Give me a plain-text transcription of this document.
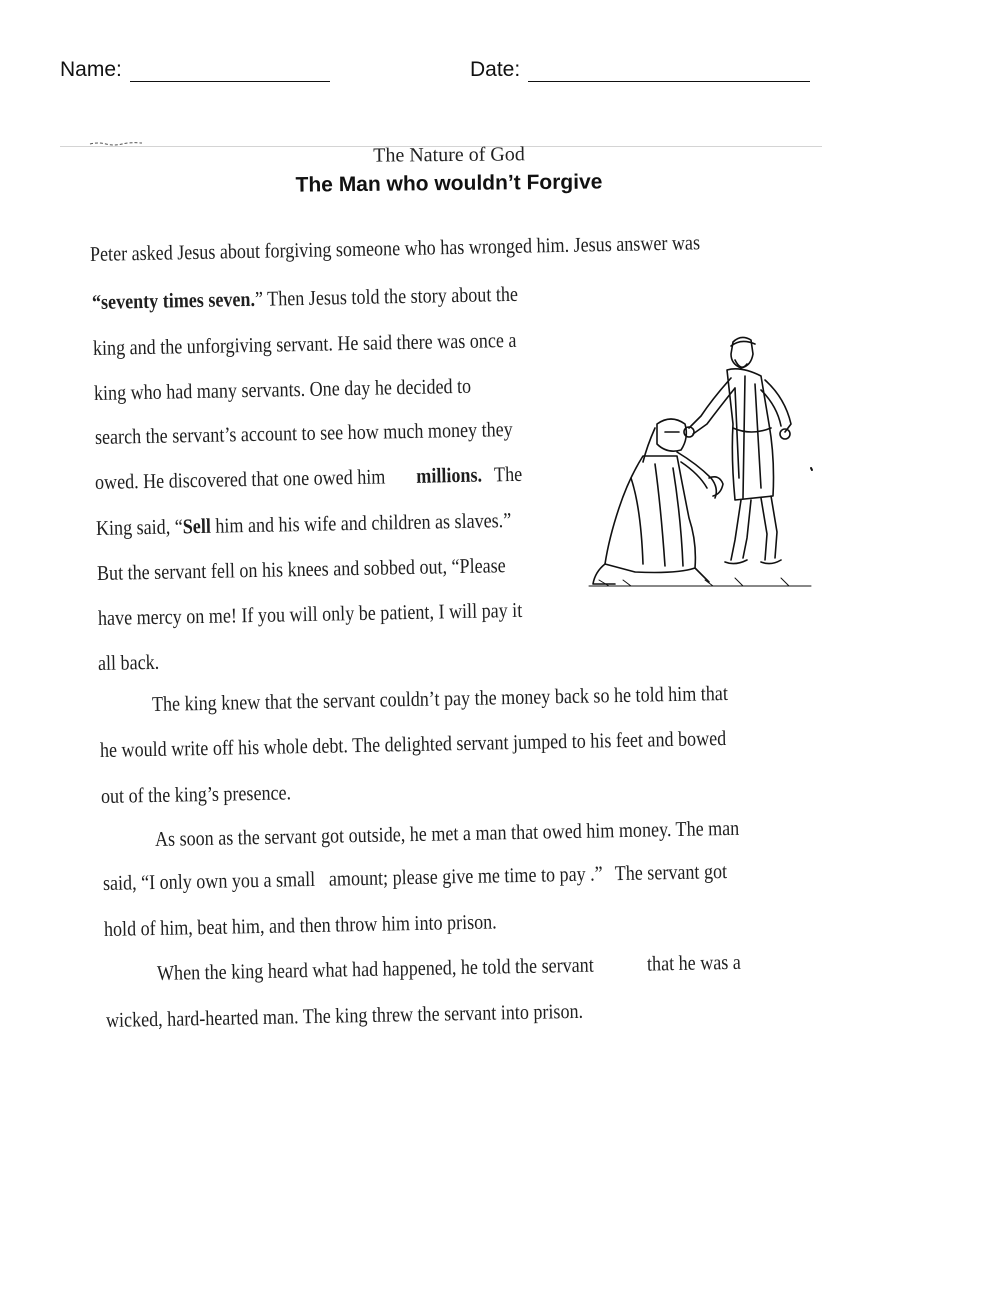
Name:	Date:
The Nature of God
The Man who wouldn’t Forgive
Peter asked Jesus about forgiving someone who has wronged him. Jesus answer was
“seventy times seven.” Then Jesus told the story about the
king and the unforgiving servant. He said there was once a
king who had many servants. One day he decided to
search the servant’s account to see how much money they
owed. He discovered that one owed him millions. The
King said, “Sell him and his wife and children as slaves.”
But the servant fell on his knees and sobbed out, “Please
have mercy on me! If you will only be patient, I will pay it
all back.
The king knew that the servant couldn’t pay the money back so he told him that
he would write off his whole debt. The delighted servant jumped to his feet and bowed
out of the king’s presence.
As soon as the servant got outside, he met a man that owed him money. The man
said, “I only own you a small amount; please give me time to pay .” The servant got
hold of him, beat him, and then throw him into prison.
When the king heard what had happened, he told the servant	that he was a
wicked, hard-hearted man. The king threw the servant into prison.
